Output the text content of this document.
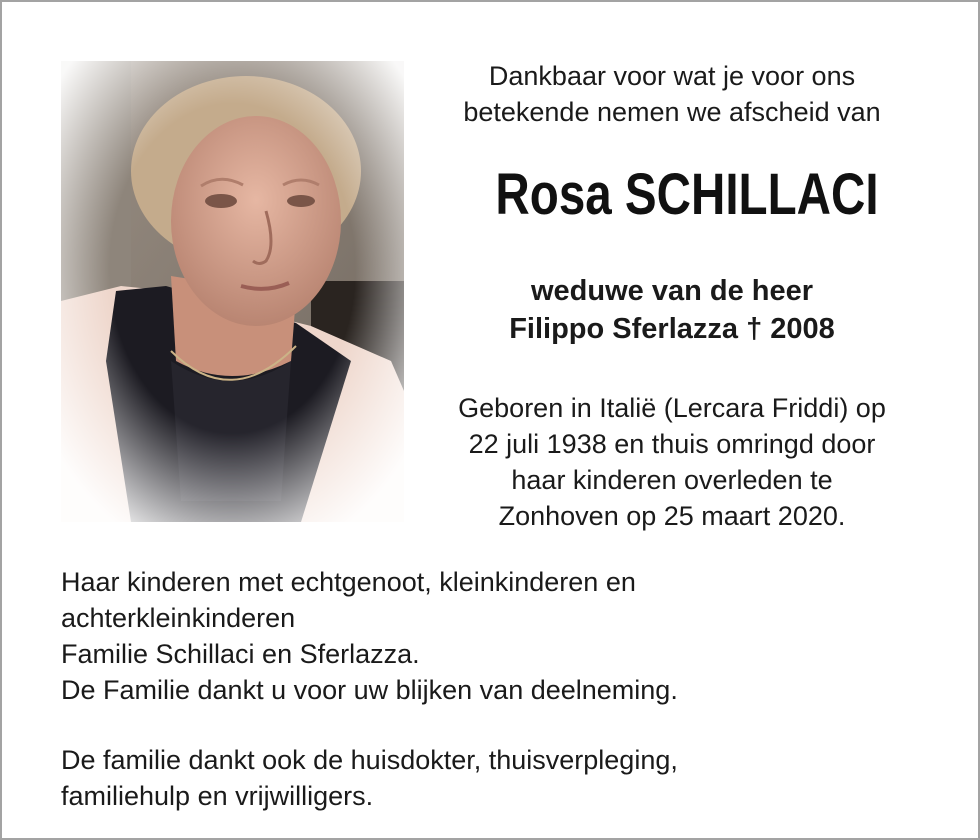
Dankbaar voor wat je voor ons
betekende nemen we afscheid van

Rosa SCHILLACI

weduwe van de heer
Filippo Sferlazza † 2008

Geboren in Italië (Lercara Friddi) op
22 juli 1938 en thuis omringd door
haar kinderen overleden te
Zonhoven op 25 maart 2020.

Haar kinderen met echtgenoot, kleinkinderen en
achterkleinkinderen
Familie Schillaci en Sferlazza.
De Familie dankt u voor uw blijken van deelneming.

De familie dankt ook de huisdokter, thuisverpleging,
familiehulp en vrijwilligers.
